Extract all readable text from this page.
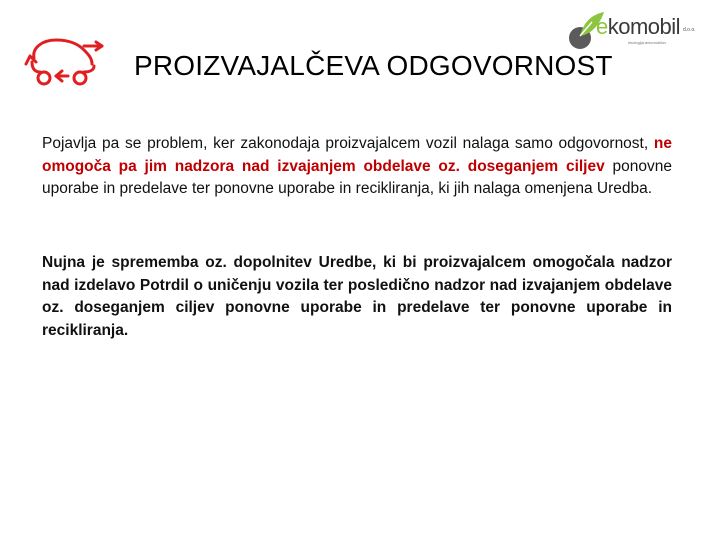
ekomobil d.o.o.
ekologija.avtomobilov
PROIZVAJALČEVA ODGOVORNOST

Pojavlja pa se problem, ker zakonodaja proizvajalcem vozil nalaga samo odgovornost, ne omogoča pa jim nadzora nad izvajanjem obdelave oz. doseganjem ciljev ponovne uporabe in predelave ter ponovne uporabe in recikliranja, ki jih nalaga omenjena Uredba.

Nujna je sprememba oz. dopolnitev Uredbe, ki bi proizvajalcem omogočala nadzor nad izdelavo Potrdil o uničenju vozila ter posledično nadzor nad izvajanjem obdelave oz. doseganjem ciljev ponovne uporabe in predelave ter ponovne uporabe in recikliranja.
